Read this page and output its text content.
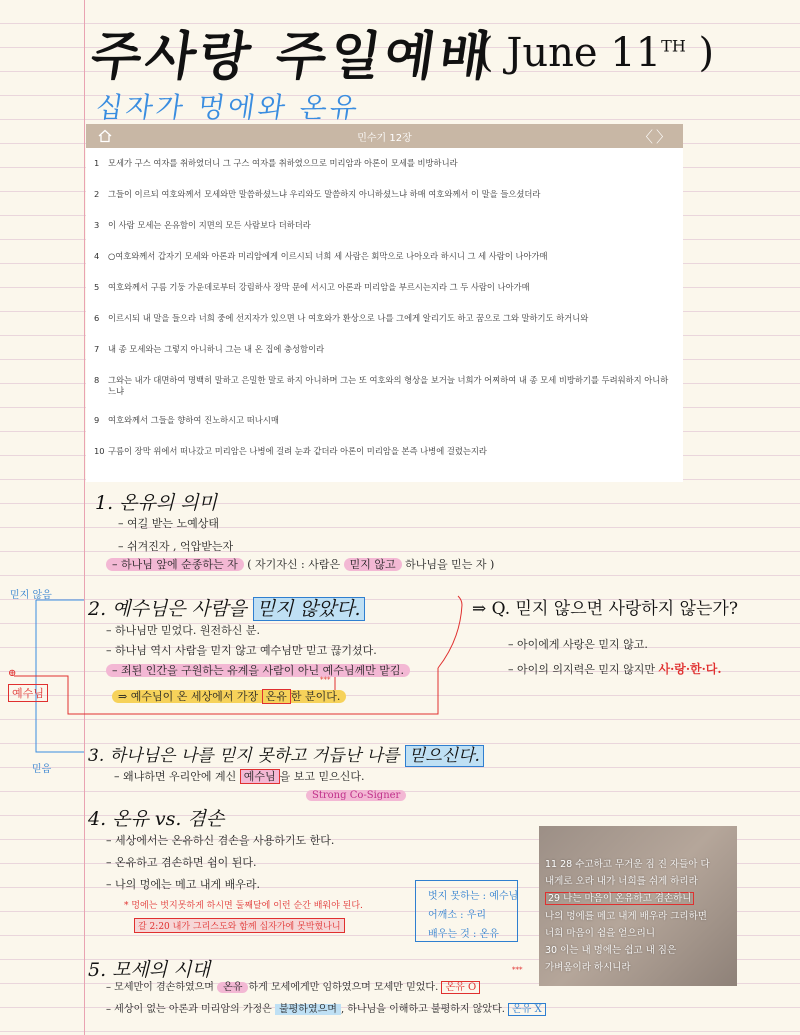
주사랑 주일예배
( June 11TH )
십자가 멍에와 온유
민수기 12장	〈 〉
1	모세가 구스 여자를 취하였더니 그 구스 여자를 취하였으므로 미리암과 아론이 모세를 비방하니라
2	그들이 이르되 여호와께서 모세와만 말씀하셨느냐 우리와도 말씀하지 아니하셨느냐 하매 여호와께서 이 말을 들으셨더라
3	이 사람 모세는 온유함이 지면의 모든 사람보다 더하더라
4	○여호와께서 갑자기 모세와 아론과 미리암에게 이르시되 너희 세 사람은 회막으로 나아오라 하시니 그 세 사람이 나아가매
5	여호와께서 구름 기둥 가운데로부터 강림하사 장막 문에 서시고 아론과 미리암을 부르시는지라 그 두 사람이 나아가매
6	이르시되 내 말을 들으라 너희 중에 선지자가 있으면 나 여호와가 환상으로 나를 그에게 알리기도 하고 꿈으로 그와 말하기도 하거니와
7	내 종 모세와는 그렇지 아니하니 그는 내 온 집에 충성함이라
8	그와는 내가 대면하여 명백히 말하고 은밀한 말로 하지 아니하며 그는 또 여호와의 형상을 보거늘 너희가 어찌하여 내 종 모세 비방하기를 두려워하지 아니하느냐
9	여호와께서 그들을 향하여 진노하시고 떠나시매
10 구름이 장막 위에서 떠나갔고 미리암은 나병에 걸려 눈과 같더라 아론이 미리암을 본즉 나병에 걸렸는지라
1. 온유의 의미
– 여길 받는 노예상태
– 쉬겨진자 , 억압받는자
– 하나님 앞에 순종하는 자 ( 자기자신 : 사람은 믿지 않고 하나님을 믿는 자 )
믿지 않음
⊕
예수님
믿음
2. 예수님은 사람을 믿지 않았다.
– 하나님만 믿었다. 원전하신 분.
– 하나님 역시 사람을 믿지 않고 예수님만 믿고 끊기셨다.
– 죄된 인간을 구원하는 유계을 사람이 아닌 예수님께만 맡김.
⇒ 예수님이 온 세상에서 가장 온유 한 분이다.
***
⇒ Q. 믿지 않으면 사랑하지 않는가?
– 아이에게 사랑은 믿지 않고.
– 아이의 의지력은 믿지 않지만 사·랑·한·다.
3. 하나님은 나를 믿지 못하고 거듭난 나를 믿으신다.
– 왜냐하면 우리안에 계신 예수님 을 보고 믿으신다.
Strong Co-Signer
4. 온유 vs. 겸손
– 세상에서는 온유하신 겸손을 사용하기도 한다.
– 온유하고 겸손하면 쉼이 된다.
– 나의 멍에는 메고 내게 배우라.
* 멍에는 벗지못하게 하시면 둘째달에 이런 순간 배워야 된다.
갈 2:20 내가 그리스도와 함께 십자가에 못박혔나니
벗지 못하는 : 예수님
어깨소 : 우리
배우는 것 : 온유
11 28 수고하고 무거운 짐 진 자들아 다
내게로 오라 내가 너희를 쉬게 하리라
29 나는 마음이 온유하고 겸손하니
나의 멍에를 메고 내게 배우라 그리하면
너희 마음이 쉼을 얻으리니
30 이는 내 멍에는 쉽고 내 짐은
가벼움이라 하시니라
5. 모세의 시대
– 모세만이 겸손하였으며 온유 하게 모세에게만 임하였으며 모세만 믿었다. 온유 O
***
– 세상이 없는 아론과 미리암의 가정은 불평하였으며 , 하나님을 이해하고 불평하지 않았다. 온유 X
